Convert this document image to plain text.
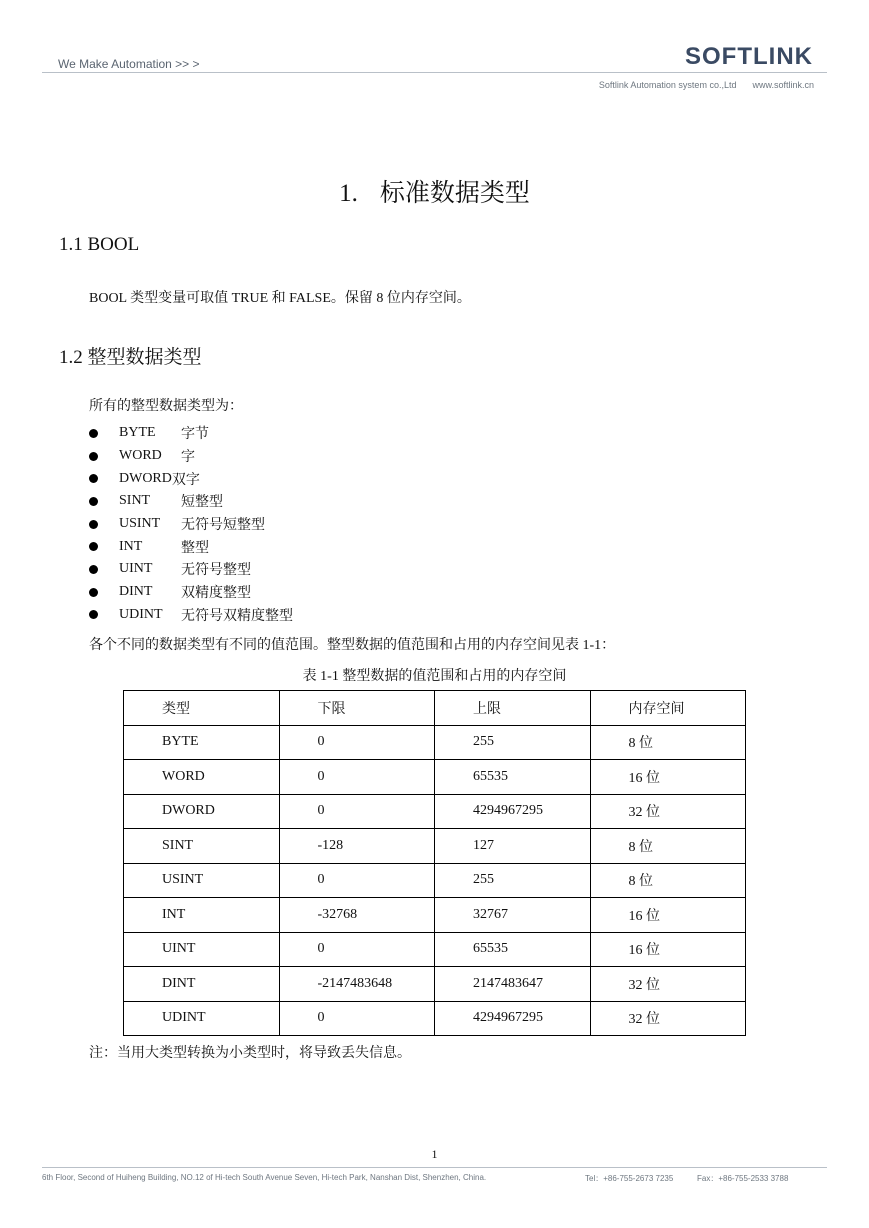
We Make Automation >> >	SOFTLINK
Softlink Automation system co.,Ltd www.softlink.cn
1. 标准数据类型
1.1 BOOL
BOOL 类型变量可取值 TRUE 和 FALSE。保留 8 位内存空间。
1.2 整型数据类型
所有的整型数据类型为：
BYTE	字节
WORD	字
DWORD 双字
SINT	短整型
USINT	无符号短整型
INT	整型
UINT	无符号整型
DINT	双精度整型
UDINT	无符号双精度整型
各个不同的数据类型有不同的值范围。整型数据的值范围和占用的内存空间见表 1-1：
表 1-1 整型数据的值范围和占用的内存空间
类型	下限	上限	内存空间
BYTE	0	255	8 位
WORD	0	65535	16 位
DWORD	0	4294967295	32 位
SINT	-128	127	8 位
USINT	0	255	8 位
INT	-32768	32767	16 位
UINT	0	65535	16 位
DINT	-2147483648	2147483647	32 位
UDINT	0	4294967295	32 位
注：当用大类型转换为小类型时，将导致丢失信息。
1
6th Floor, Second of Huiheng Building, NO.12 of Hi-tech South Avenue Seven, Hi-tech Park, Nanshan Dist, Shenzhen, China.	Tel：+86-755-2673 7235	Fax：+86-755-2533 3788
